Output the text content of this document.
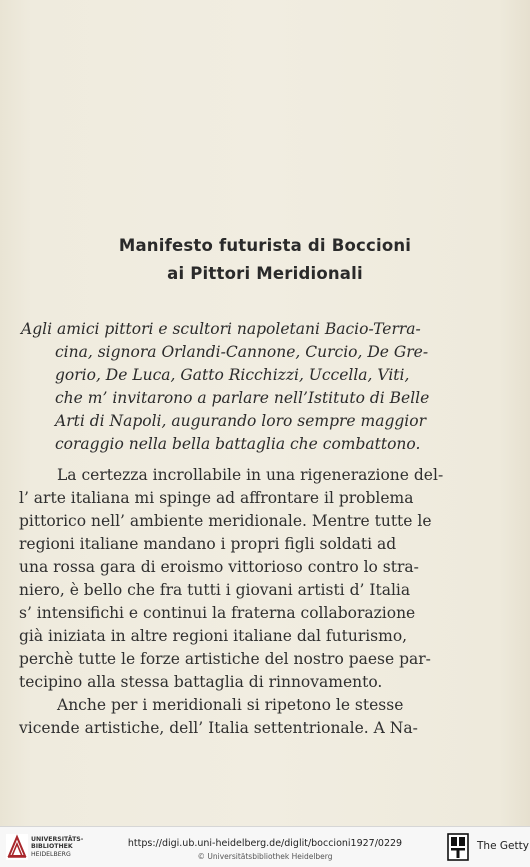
Manifesto futurista di Boccioni
ai Pittori Meridionali
Agli amici pittori e scultori napoletani Bacio-Terra-
cina, signora Orlandi-Cannone, Curcio, De Gre-
gorio, De Luca, Gatto Ricchizzi, Uccella, Viti,
che m’ invitarono a parlare nell’Istituto di Belle
Arti di Napoli, augurando loro sempre maggior
coraggio nella bella battaglia che combattono.
La certezza incrollabile in una rigenerazione del-
l’ arte italiana mi spinge ad affrontare il problema
pittorico nell’ ambiente meridionale. Mentre tutte le
regioni italiane mandano i propri figli soldati ad
una rossa gara di eroismo vittorioso contro lo stra-
niero, è bello che fra tutti i giovani artisti d’ Italia
s’ intensifichi e continui la fraterna collaborazione
già iniziata in altre regioni italiane dal futurismo,
perchè tutte le forze artistiche del nostro paese par-
tecipino alla stessa battaglia di rinnovamento.
Anche per i meridionali si ripetono le stesse
vicende artistiche, dell’ Italia settentrionale. A Na-
UNIVERSITÄTS-
BIBLIOTHEK
HEIDELBERG
https://digi.ub.uni-heidelberg.de/diglit/boccioni1927/0229
© Universitätsbibliothek Heidelberg
The Getty
